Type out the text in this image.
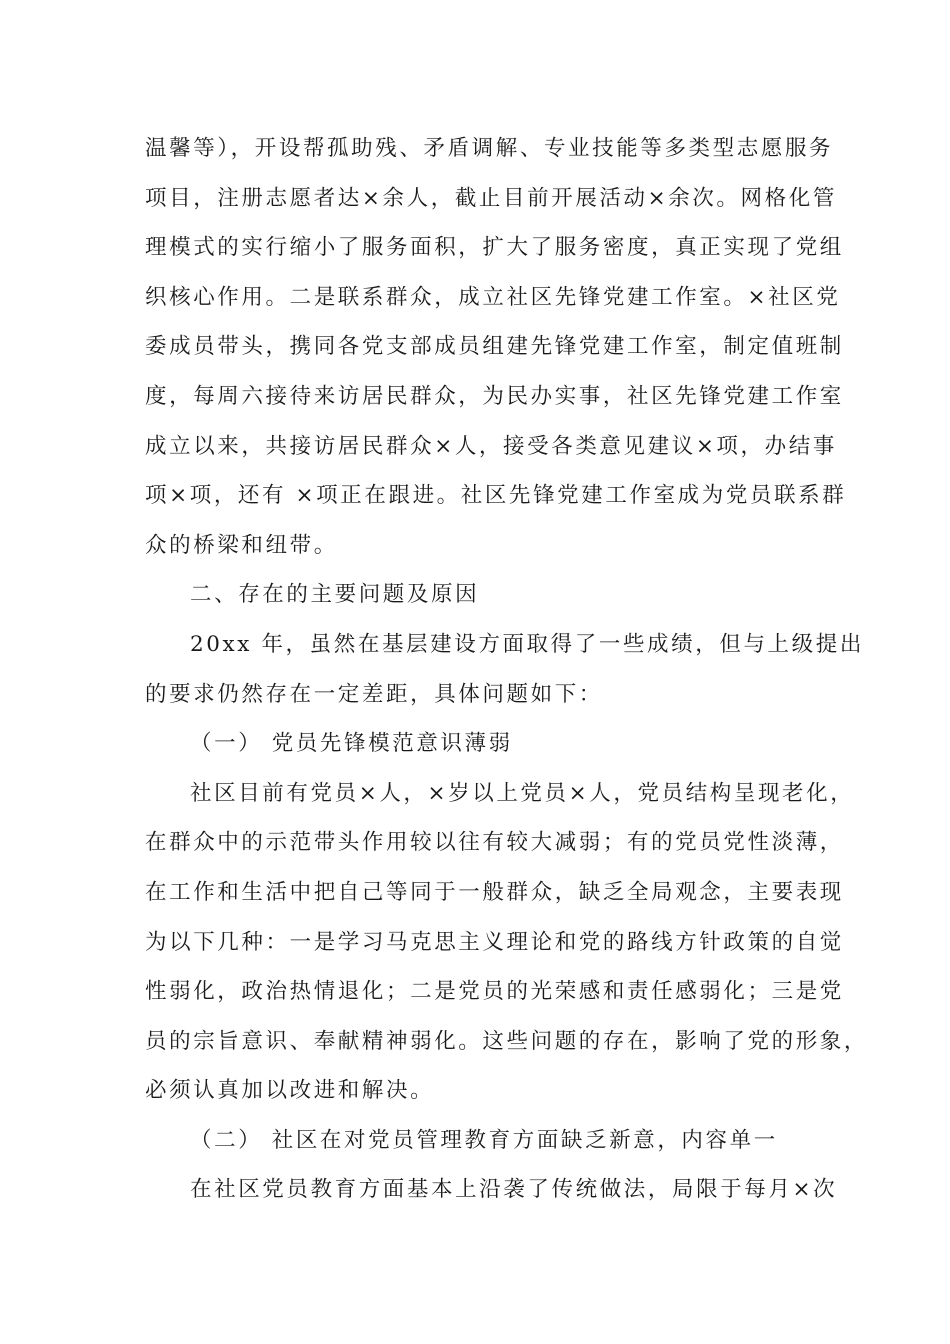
温馨等），开设帮孤助残、矛盾调解、专业技能等多类型志愿服务
项目，注册志愿者达×余人，截止目前开展活动×余次。网格化管
理模式的实行缩小了服务面积，扩大了服务密度，真正实现了党组
织核心作用。二是联系群众，成立社区先锋党建工作室。×社区党
委成员带头，携同各党支部成员组建先锋党建工作室，制定值班制
度，每周六接待来访居民群众，为民办实事，社区先锋党建工作室
成立以来，共接访居民群众×人，接受各类意见建议×项，办结事
项×项，还有 ×项正在跟进。社区先锋党建工作室成为党员联系群
众的桥梁和纽带。
二、存在的主要问题及原因
20xx 年，虽然在基层建设方面取得了一些成绩，但与上级提出
的要求仍然存在一定差距，具体问题如下：
（一） 党员先锋模范意识薄弱
社区目前有党员×人，×岁以上党员×人，党员结构呈现老化，
在群众中的示范带头作用较以往有较大减弱；有的党员党性淡薄，
在工作和生活中把自己等同于一般群众，缺乏全局观念，主要表现
为以下几种：一是学习马克思主义理论和党的路线方针政策的自觉
性弱化，政治热情退化；二是党员的光荣感和责任感弱化；三是党
员的宗旨意识、奉献精神弱化。这些问题的存在，影响了党的形象，
必须认真加以改进和解决。
（二） 社区在对党员管理教育方面缺乏新意，内容单一
在社区党员教育方面基本上沿袭了传统做法，局限于每月×次
